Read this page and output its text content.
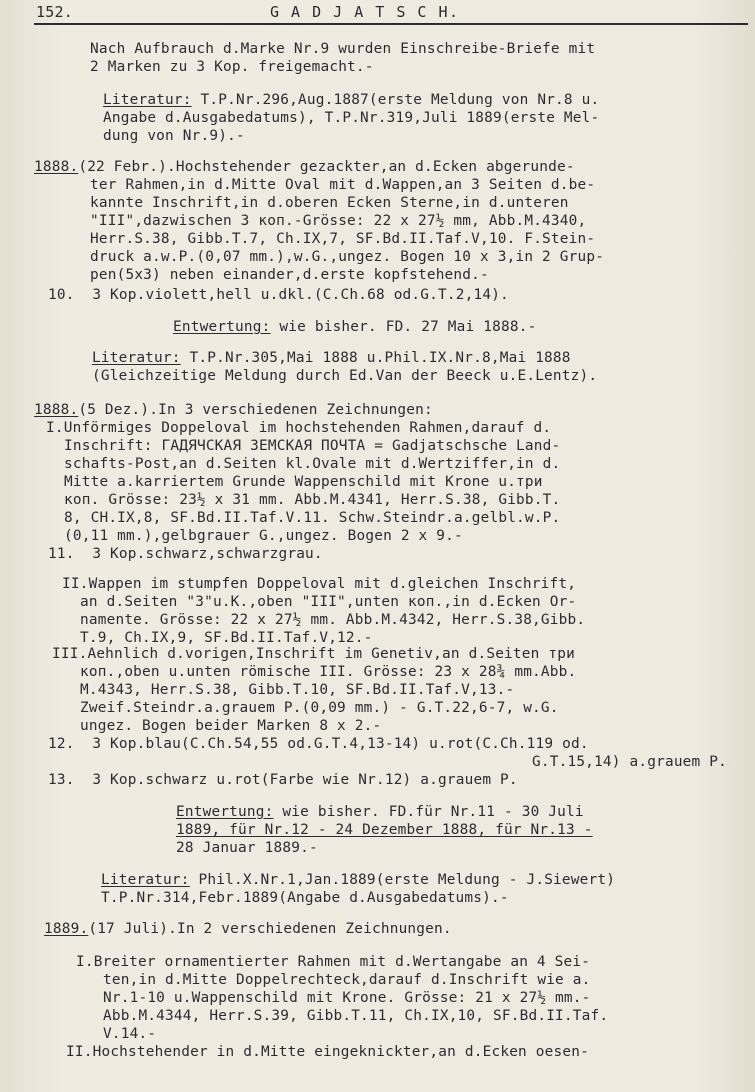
152.	G A D J A T S C H.
Nach Aufbrauch d.Marke Nr.9 wurden Einschreibe-Briefe mit
2 Marken zu 3 Kop. freigemacht.-
Literatur: T.P.Nr.296,Aug.1887(erste Meldung von Nr.8 u.
Angabe d.Ausgabedatums), T.P.Nr.319,Juli 1889(erste Mel-
dung von Nr.9).-
1888.(22 Febr.).Hochstehender gezackter,an d.Ecken abgerunde-
ter Rahmen,in d.Mitte Oval mit d.Wappen,an 3 Seiten d.be-
kannte Inschrift,in d.oberen Ecken Sterne,in d.unteren
"III",dazwischen 3 коп.-Grösse: 22 x 27½ mm, Abb.M.4340,
Herr.S.38, Gibb.T.7, Ch.IX,7, SF.Bd.II.Taf.V,10. F.Stein-
druck a.w.P.(0,07 mm.),w.G.,ungez. Bogen 10 x 3,in 2 Grup-
pen(5x3) neben einander,d.erste kopfstehend.-
10.  3 Kop.violett,hell u.dkl.(C.Ch.68 od.G.T.2,14).
Entwertung: wie bisher. FD. 27 Mai 1888.-
Literatur: T.P.Nr.305,Mai 1888 u.Phil.IX.Nr.8,Mai 1888
(Gleichzeitige Meldung durch Ed.Van der Beeck u.E.Lentz).
1888.(5 Dez.).In 3 verschiedenen Zeichnungen:
I.Unförmiges Doppeloval im hochstehenden Rahmen,darauf d.
Inschrift: ГАДЯЧСКАЯ ЗЕМСКАЯ ПОЧТА = Gadjatschsche Land-
schafts-Post,an d.Seiten kl.Ovale mit d.Wertziffer,in d.
Mitte a.karriertem Grunde Wappenschild mit Krone u.три
коп. Grösse: 23½ x 31 mm. Abb.M.4341, Herr.S.38, Gibb.T.
8, CH.IX,8, SF.Bd.II.Taf.V.11. Schw.Steindr.a.gelbl.w.P.
(0,11 mm.),gelbgrauer G.,ungez. Bogen 2 x 9.-
11.  3 Kop.schwarz,schwarzgrau.
II.Wappen im stumpfen Doppeloval mit d.gleichen Inschrift,
an d.Seiten "3"u.K.,oben "III",unten коп.,in d.Ecken Or-
namente. Grösse: 22 x 27½ mm. Abb.M.4342, Herr.S.38,Gibb.
T.9, Ch.IX,9, SF.Bd.II.Taf.V,12.-
III.Aehnlich d.vorigen,Inschrift im Genetiv,an d.Seiten три
коп.,oben u.unten römische III. Grösse: 23 x 28¾ mm.Abb.
M.4343, Herr.S.38, Gibb.T.10, SF.Bd.II.Taf.V,13.-
Zweif.Steindr.a.grauem P.(0,09 mm.) - G.T.22,6-7, w.G.
ungez. Bogen beider Marken 8 x 2.-
12.  3 Kop.blau(C.Ch.54,55 od.G.T.4,13-14) u.rot(C.Ch.119 od.
G.T.15,14) a.grauem P.
13.  3 Kop.schwarz u.rot(Farbe wie Nr.12) a.grauem P.
Entwertung: wie bisher. FD.für Nr.11 - 30 Juli
1889, für Nr.12 - 24 Dezember 1888, für Nr.13 -
28 Januar 1889.-
Literatur: Phil.X.Nr.1,Jan.1889(erste Meldung - J.Siewert)
T.P.Nr.314,Febr.1889(Angabe d.Ausgabedatums).-
1889.(17 Juli).In 2 verschiedenen Zeichnungen.
I.Breiter ornamentierter Rahmen mit d.Wertangabe an 4 Sei-
ten,in d.Mitte Doppelrechteck,darauf d.Inschrift wie a.
Nr.1-10 u.Wappenschild mit Krone. Grösse: 21 x 27½ mm.-
Abb.M.4344, Herr.S.39, Gibb.T.11, Ch.IX,10, SF.Bd.II.Taf.
V.14.-
II.Hochstehender in d.Mitte eingeknickter,an d.Ecken oesen-
